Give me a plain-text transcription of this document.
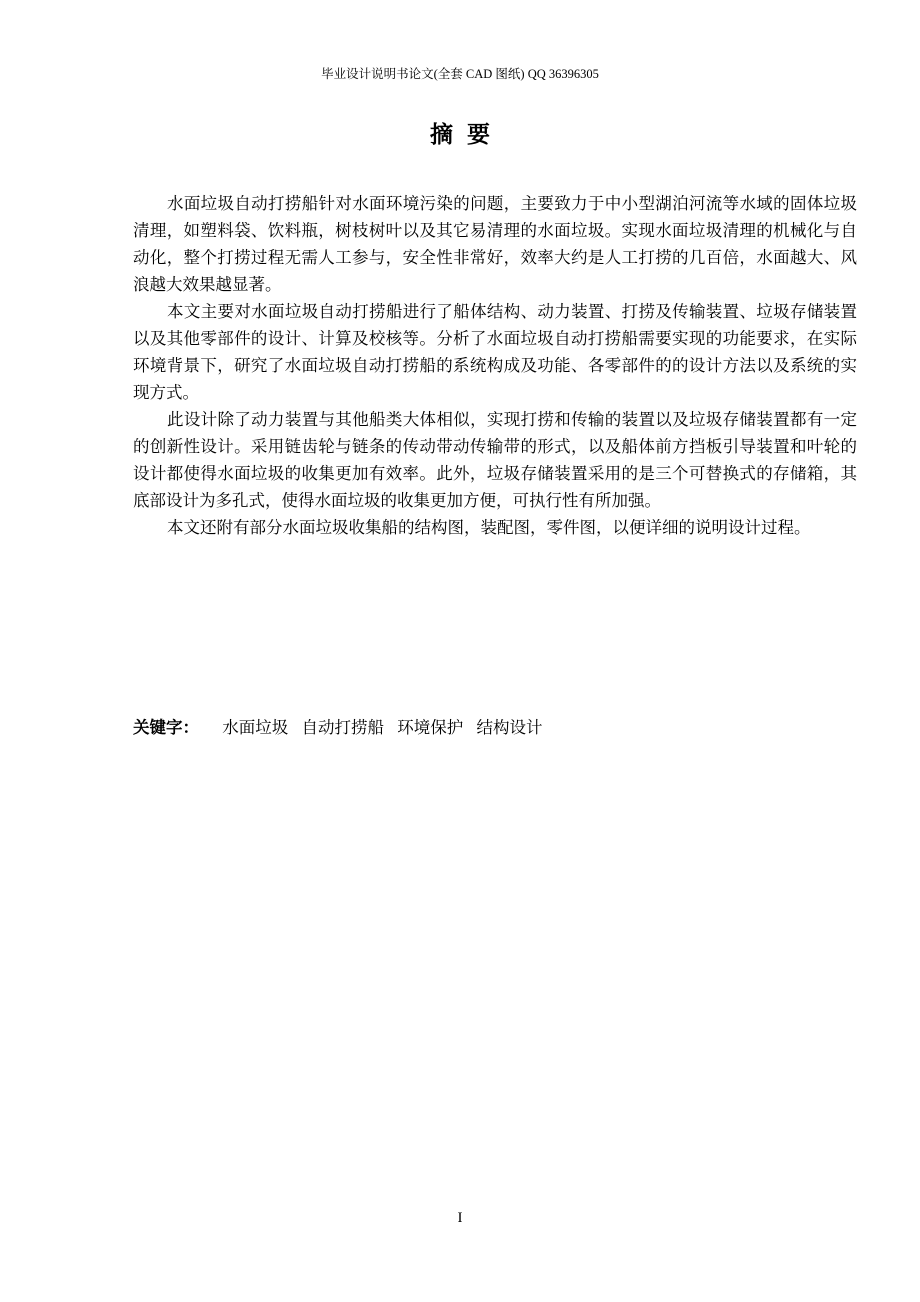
毕业设计说明书论文(全套 CAD 图纸) QQ 36396305
摘要

水面垃圾自动打捞船针对水面环境污染的问题，主要致力于中小型湖泊河流等水域的固体垃圾清理，如塑料袋、饮料瓶，树枝树叶以及其它易清理的水面垃圾。实现水面垃圾清理的机械化与自动化，整个打捞过程无需人工参与，安全性非常好，效率大约是人工打捞的几百倍，水面越大、风浪越大效果越显著。

本文主要对水面垃圾自动打捞船进行了船体结构、动力装置、打捞及传输装置、垃圾存储装置以及其他零部件的设计、计算及校核等。分析了水面垃圾自动打捞船需要实现的功能要求，在实际环境背景下，研究了水面垃圾自动打捞船的系统构成及功能、各零部件的的设计方法以及系统的实现方式。

此设计除了动力装置与其他船类大体相似，实现打捞和传输的装置以及垃圾存储装置都有一定的创新性设计。采用链齿轮与链条的传动带动传输带的形式，以及船体前方挡板引导装置和叶轮的设计都使得水面垃圾的收集更加有效率。此外，垃圾存储装置采用的是三个可替换式的存储箱，其底部设计为多孔式，使得水面垃圾的收集更加方便，可执行性有所加强。

本文还附有部分水面垃圾收集船的结构图，装配图，零件图，以便详细的说明设计过程。

关键字： 水面垃圾 自动打捞船 环境保护 结构设计
I
